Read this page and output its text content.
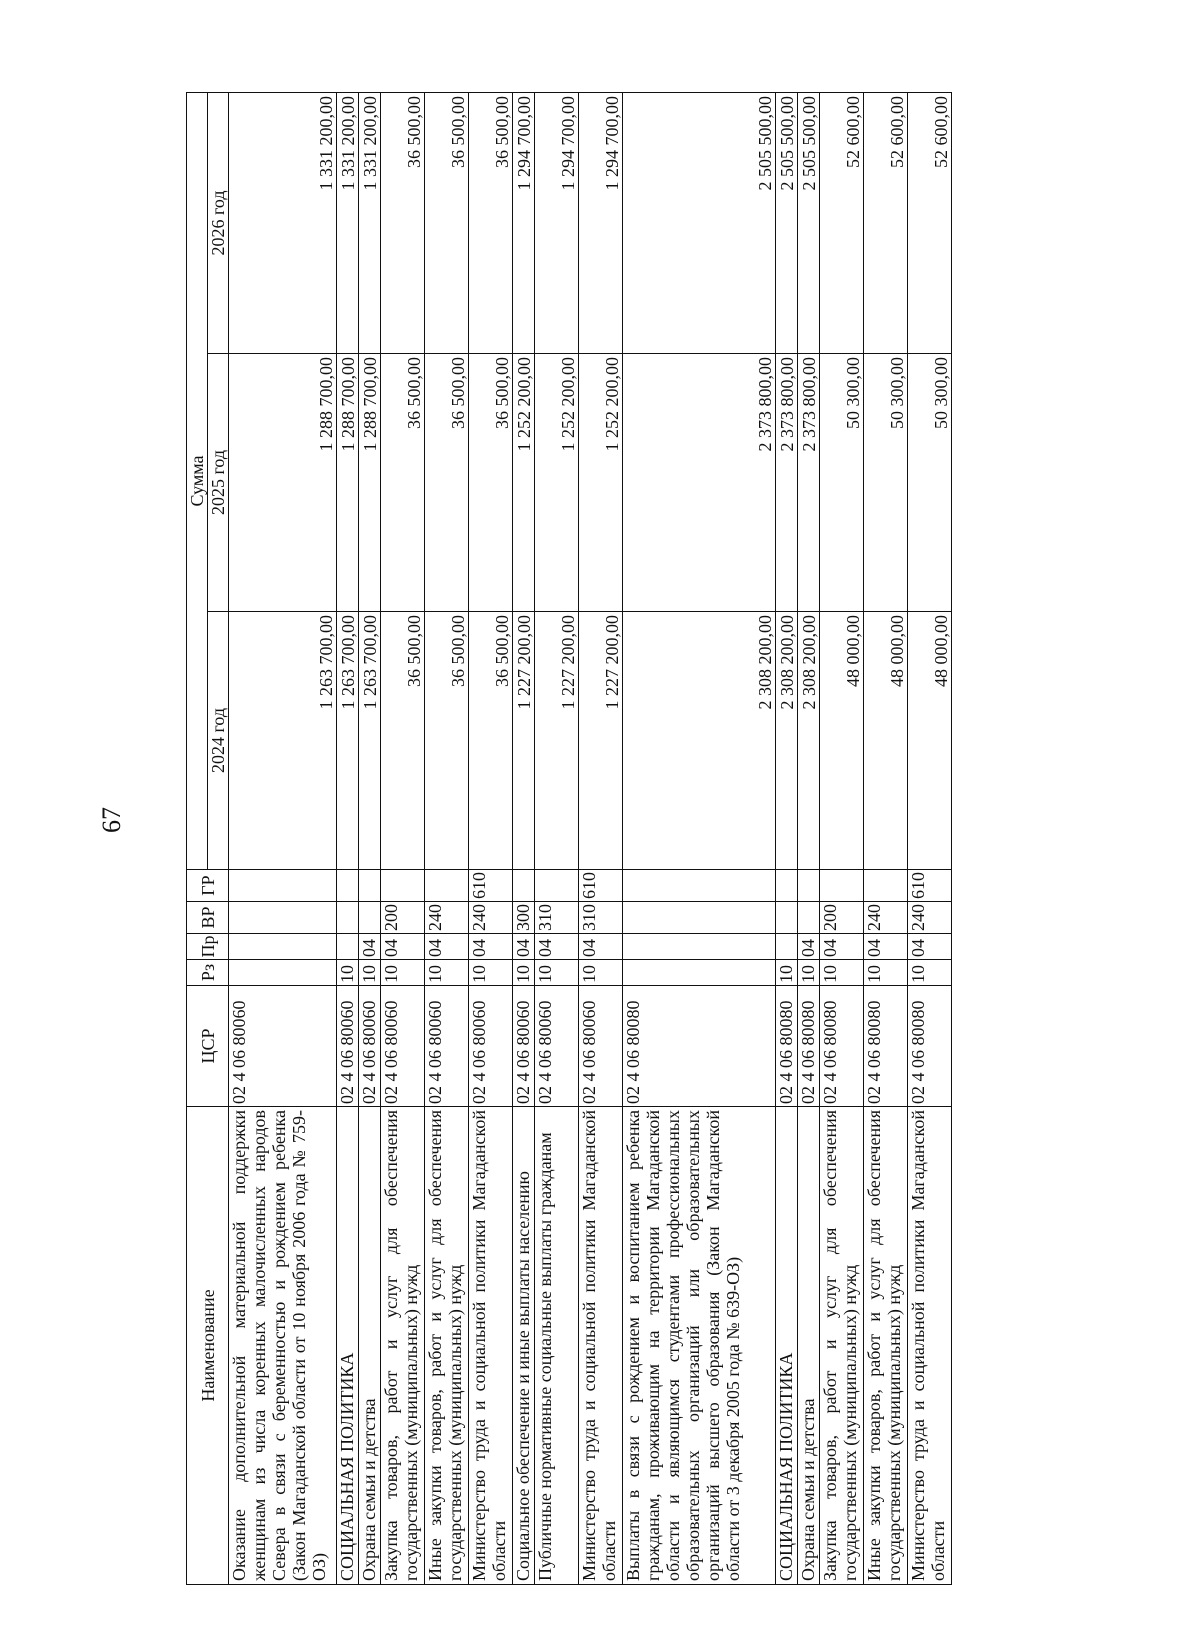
67
Наименование	ЦСР	Рз	Пр	ВР	ГР	Сумма		
						2024 год	2025 год	2026 год
Оказание дополнительной материальной поддержки женщинам из числа коренных малочисленных народов Севера в связи с беременностью и рождением ребенка (Закон Магаданской области от 10 ноября 2006 года № 759-ОЗ)	02 4 06 80060					1 263 700,00	1 288 700,00	1 331 200,00
СОЦИАЛЬНАЯ ПОЛИТИКА	02 4 06 80060	10				1 263 700,00	1 288 700,00	1 331 200,00
Охрана семьи и детства	02 4 06 80060	10	04			1 263 700,00	1 288 700,00	1 331 200,00
Закупка товаров, работ и услуг для обеспечения государственных (муниципальных) нужд	02 4 06 80060	10	04	200		36 500,00	36 500,00	36 500,00
Иные закупки товаров, работ и услуг для обеспечения государственных (муниципальных) нужд	02 4 06 80060	10	04	240		36 500,00	36 500,00	36 500,00
Министерство труда и социальной политики Магаданской области	02 4 06 80060	10	04	240	610	36 500,00	36 500,00	36 500,00
Социальное обеспечение и иные выплаты населению	02 4 06 80060	10	04	300		1 227 200,00	1 252 200,00	1 294 700,00
Публичные нормативные социальные выплаты гражданам	02 4 06 80060	10	04	310		1 227 200,00	1 252 200,00	1 294 700,00
Министерство труда и социальной политики Магаданской области	02 4 06 80060	10	04	310	610	1 227 200,00	1 252 200,00	1 294 700,00
Выплаты в связи с рождением и воспитанием ребенка гражданам, проживающим на территории Магаданской области и являющимся студентами профессиональных образовательных организаций или образовательных организаций высшего образования (Закон Магаданской области от 3 декабря 2005 года № 639-ОЗ)	02 4 06 80080					2 308 200,00	2 373 800,00	2 505 500,00
СОЦИАЛЬНАЯ ПОЛИТИКА	02 4 06 80080	10				2 308 200,00	2 373 800,00	2 505 500,00
Охрана семьи и детства	02 4 06 80080	10	04			2 308 200,00	2 373 800,00	2 505 500,00
Закупка товаров, работ и услуг для обеспечения государственных (муниципальных) нужд	02 4 06 80080	10	04	200		48 000,00	50 300,00	52 600,00
Иные закупки товаров, работ и услуг для обеспечения государственных (муниципальных) нужд	02 4 06 80080	10	04	240		48 000,00	50 300,00	52 600,00
Министерство труда и социальной политики Магаданской области	02 4 06 80080	10	04	240	610	48 000,00	50 300,00	52 600,00
